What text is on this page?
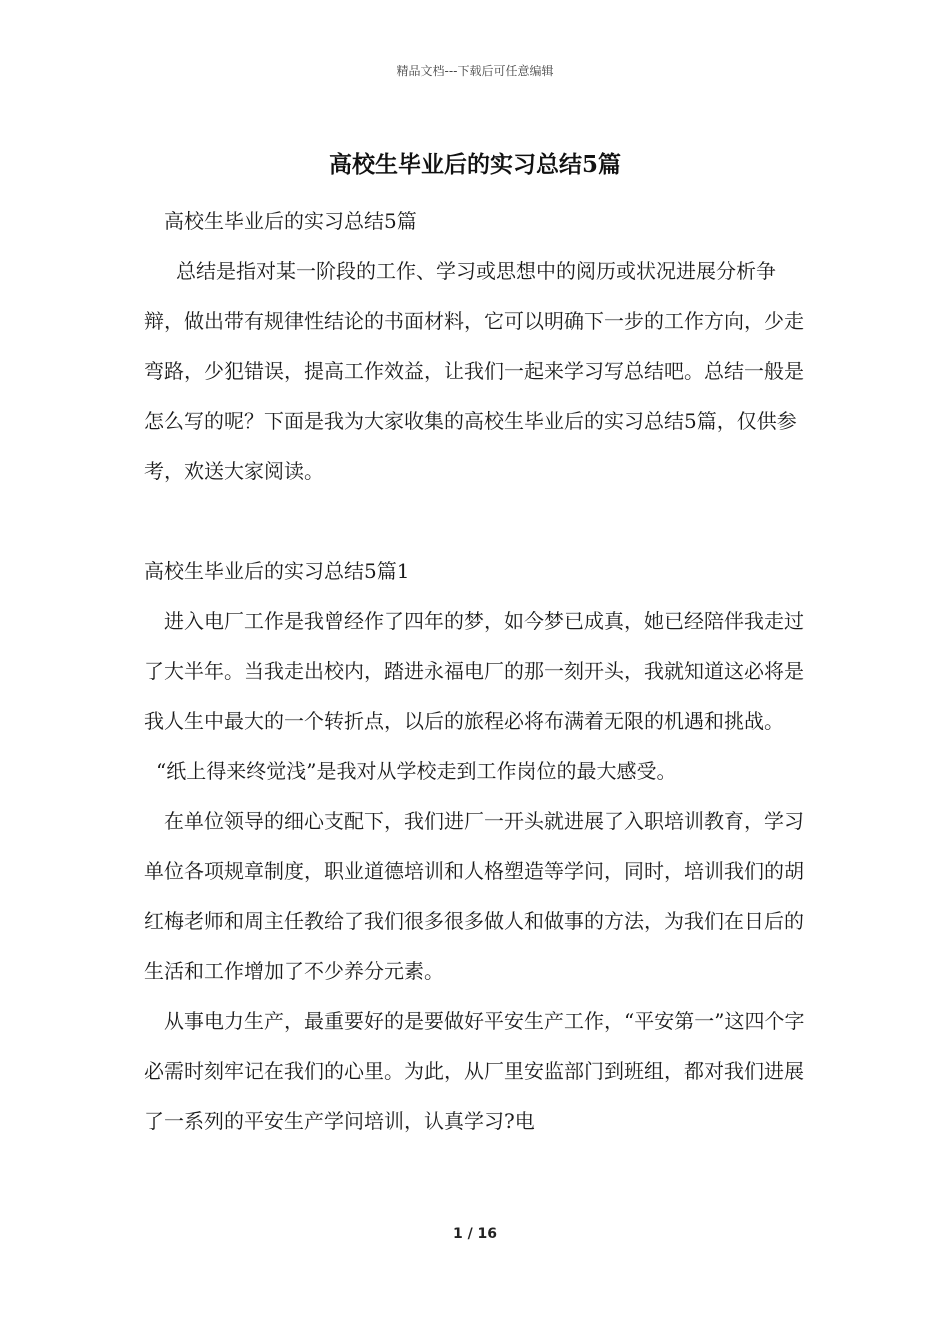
精品文档---下载后可任意编辑
高校生毕业后的实习总结5篇

高校生毕业后的实习总结5篇

总结是指对某一阶段的工作、学习或思想中的阅历或状况进展分析争辩，做出带有规律性结论的书面材料，它可以明确下一步的工作方向，少走弯路，少犯错误，提高工作效益，让我们一起来学习写总结吧。总结一般是怎么写的呢？下面是我为大家收集的高校生毕业后的实习总结5篇，仅供参考，欢送大家阅读。

高校生毕业后的实习总结5篇1

进入电厂工作是我曾经作了四年的梦，如今梦已成真，她已经陪伴我走过了大半年。当我走出校内，踏进永福电厂的那一刻开头，我就知道这必将是我人生中最大的一个转折点，以后的旅程必将布满着无限的机遇和挑战。

“纸上得来终觉浅”是我对从学校走到工作岗位的最大感受。

在单位领导的细心支配下，我们进厂一开头就进展了入职培训教育，学习单位各项规章制度，职业道德培训和人格塑造等学问，同时，培训我们的胡红梅老师和周主任教给了我们很多很多做人和做事的方法，为我们在日后的生活和工作增加了不少养分元素。

从事电力生产，最重要好的是要做好平安生产工作，“平安第一”这四个字必需时刻牢记在我们的心里。为此，从厂里安监部门到班组，都对我们进展了一系列的平安生产学问培训，认真学习?电

1 / 16
